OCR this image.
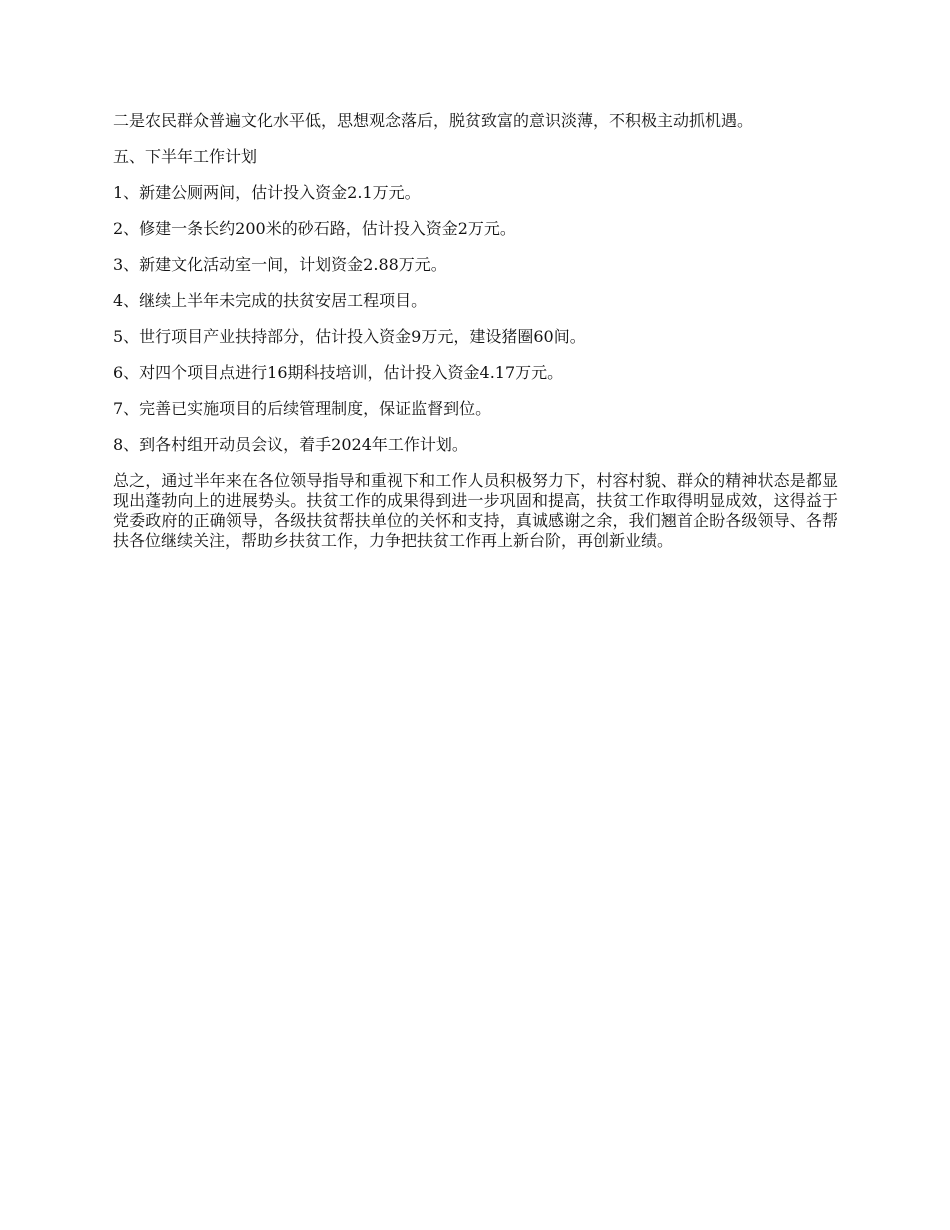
二是农民群众普遍文化水平低，思想观念落后，脱贫致富的意识淡薄，不积极主动抓机遇。

五、下半年工作计划

1、新建公厕两间，估计投入资金2.1万元。

2、修建一条长约200米的砂石路，估计投入资金2万元。

3、新建文化活动室一间，计划资金2.88万元。

4、继续上半年未完成的扶贫安居工程项目。

5、世行项目产业扶持部分，估计投入资金9万元，建设猪圈60间。

6、对四个项目点进行16期科技培训，估计投入资金4.17万元。

7、完善已实施项目的后续管理制度，保证监督到位。

8、到各村组开动员会议，着手2024年工作计划。

总之，通过半年来在各位领导指导和重视下和工作人员积极努力下，村容村貌、群众的精神状态是都显现出蓬勃向上的进展势头。扶贫工作的成果得到进一步巩固和提高，扶贫工作取得明显成效，这得益于党委政府的正确领导，各级扶贫帮扶单位的关怀和支持，真诚感谢之余，我们翘首企盼各级领导、各帮扶各位继续关注，帮助乡扶贫工作，力争把扶贫工作再上新台阶，再创新业绩。
